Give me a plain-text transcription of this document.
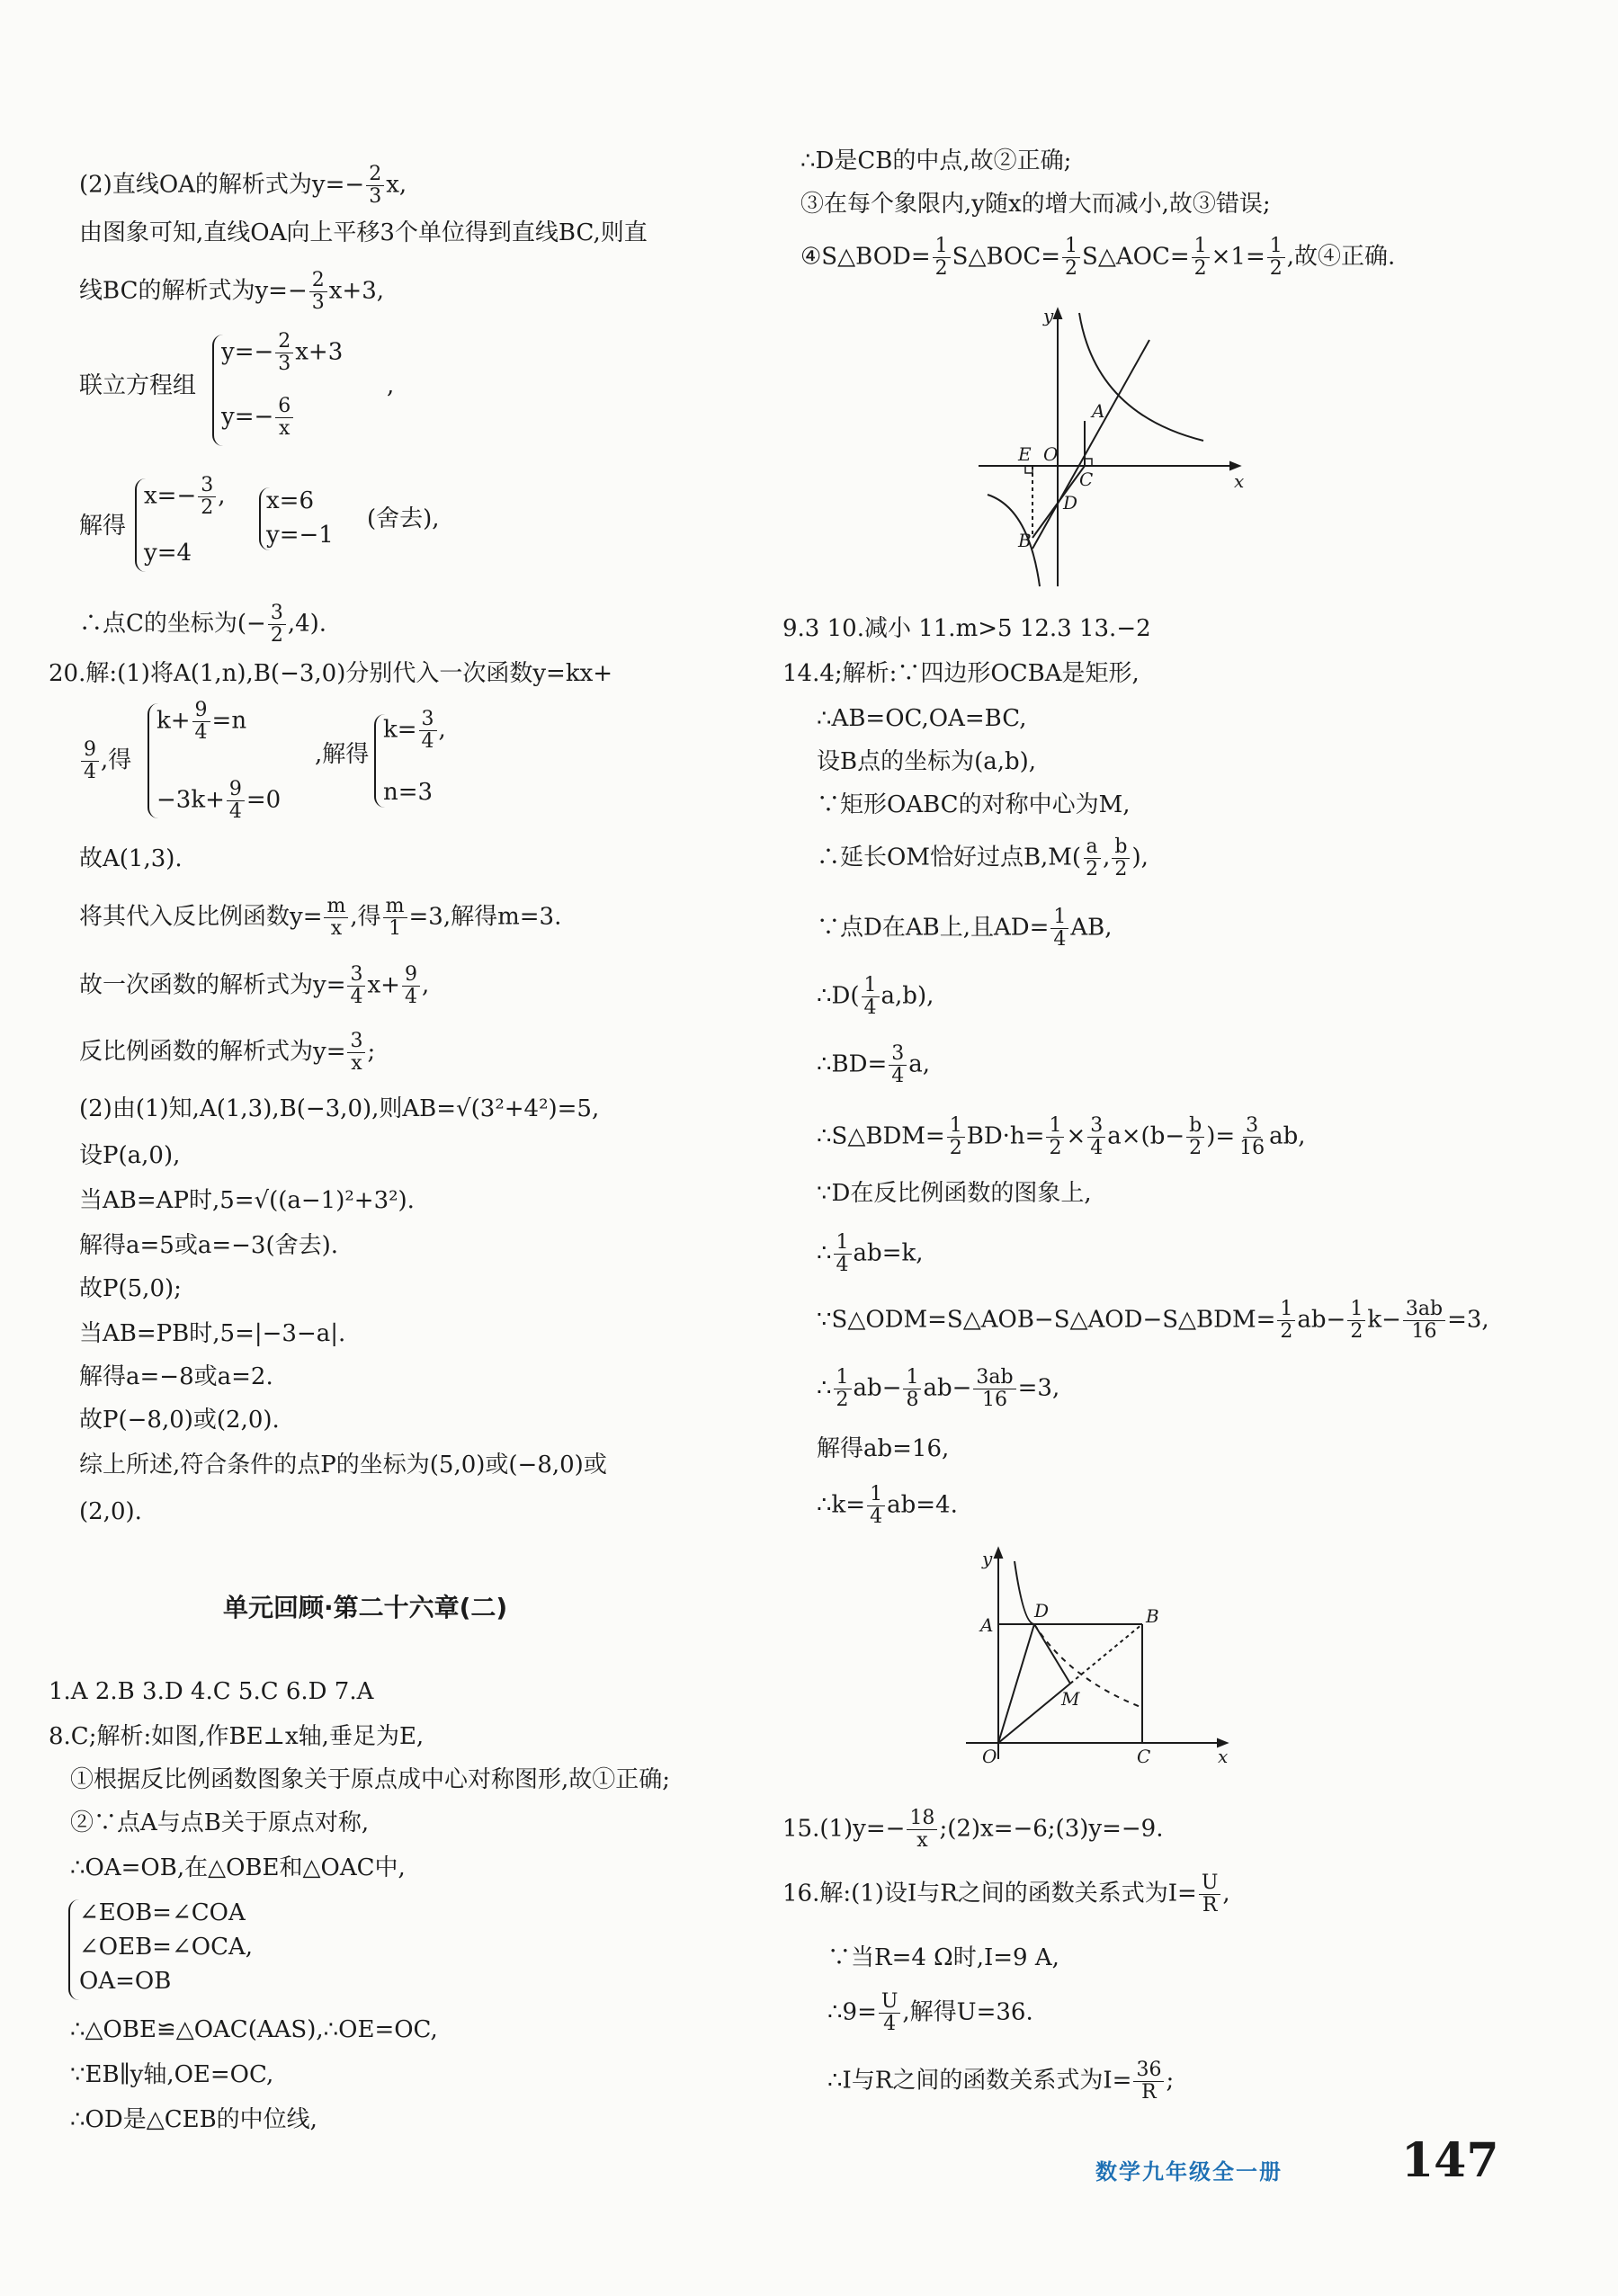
(2)直线OA的解析式为$y=- \frac{2}{3} x$,
由图象可知,直线OA向上平移3个单位得到直线BC,则直
线BC的解析式为$y=- \frac{2}{3} x+3$,
联立方程组
$y=- \frac{2}{3} x+3$
$y=- \frac{6}{x}$
,
解得
$x=- \frac{3}{2}$ ,
y=4
x=6
y=−1
(舍去),
∴点C的坐标为(− $\frac{3}{2} ,4$).
20.解:(1)将A(1,n),B(−3,0)分别代入一次函数y=kx+
$\frac{9}{4}$ ,得
$k+ \frac{9}{4} =n$
$-3k+ \frac{9}{4} =0$
,解得
$k= \frac{3}{4}$ ,
n=3
故A(1,3).
将其代入反比例函数$y= \frac{m}{x}$ ,得 $\frac{m}{1} =3$,解得m=3.
故一次函数的解析式为$y= \frac{3}{4} x+ \frac{9}{4}$ ,
反比例函数的解析式为$y= \frac{3}{x}$ ;
(2)由(1)知,A(1,3),B(−3,0),则AB=√(3²+4²)=5,
设P(a,0),
当AB=AP时,5=√((a−1)²+3²).
解得a=5或a=−3(舍去).
故P(5,0);
当AB=PB时,5=|−3−a|.
解得a=−8或a=2.
故P(−8,0)或(2,0).
综上所述,符合条件的点P的坐标为(5,0)或(−8,0)或
(2,0).
单元回顾·第二十六章(二)
1.A 2.B 3.D 4.C 5.C 6.D 7.A
8.C;解析:如图,作BE⊥x轴,垂足为E,
①根据反比例函数图象关于原点成中心对称图形,故①正确;
②∵点A与点B关于原点对称,
∴OA=OB,在△OBE和△OAC中,
∠EOB=∠COA
∠OEB=∠OCA,
OA=OB
∴△OBE≌△OAC(AAS),∴OE=OC,
∵EB∥y轴,OE=OC,
∴OD是△CEB的中位线,
∴D是CB的中点,故②正确;
③在每个象限内,y随x的增大而减小,故③错误;
④S△BOD= $\frac{1}{2}$ S△BOC= $\frac{1}{2}$ S△AOC= $\frac{1}{2} \times 1= \frac{1}{2}$ ,故④正确.
y
x
A
E O
C
D
B
9.3 10.减小 11.m>5 12.3 13.−2
14.4;解析:∵四边形OCBA是矩形,
∴AB=OC,OA=BC,
设B点的坐标为(a,b),
∵矩形OABC的对称中心为M,
∴延长OM恰好过点$B,M( \frac{a}{2}$ , $\frac{b}{2}$ ),
∵点D在AB上,且$AD= \frac{1}{4}$ AB,
∴D( $\frac{1}{4} a,b$),
∴BD= $\frac{3}{4} a$,
∴S△BDM= $\frac{1}{2} BD\cdot h= \frac{1}{2} \times \frac{3}{4} a\times(b- \frac{b}{2}$ )= $\frac{3}{16}$ ab,
∵D在反比例函数的图象上,
∴ $\frac{1}{4} ab=k$,
∵S△ODM=S△AOB−S△AOD−S△BDM= $\frac{1}{2} ab- \frac{1}{2} k- \frac{3ab}{16} =3$,
∴ $\frac{1}{2} ab- \frac{1}{8} ab- \frac{3ab}{16} =3$,
解得ab=16,
∴k= $\frac{1}{4} ab=4$.
y
x
A
D	B
M
O	C
$15.(1)y=- \frac{18}{x}$ ;(2)x=−6;(3)y=−9.
16.解:(1)设I与R之间的函数关系式为$I= \frac{U}{R}$ ,
∵当R=4 Ω时,I=9 A,
∴9= $\frac{U}{4}$ ,解得U=36.
∴I与R之间的函数关系式为$I= \frac{36}{R}$ ;
数学九年级全一册	147
